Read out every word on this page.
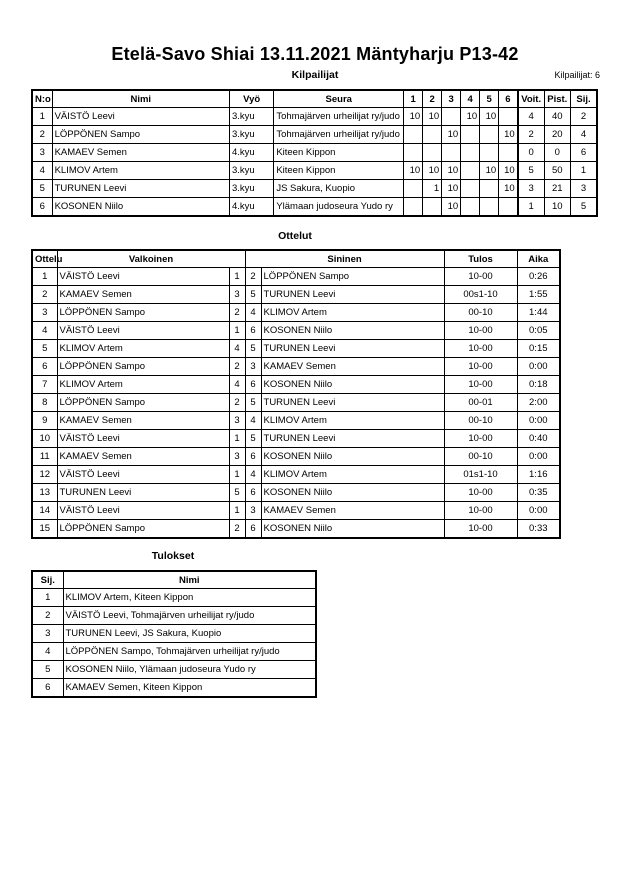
Etelä-Savo Shiai 13.11.2021 Mäntyharju P13-42
Kilpailijat	Kilpailijat: 6
N:o	Nimi	Vyö	Seura	1	2	3	4	5	6	Voit.	Pist.	Sij.
1	VÄISTÖ Leevi	3.kyu	Tohmajärven urheilijat ry/judo	10	10		10	10		4	40	2
2	LÖPPÖNEN Sampo	3.kyu	Tohmajärven urheilijat ry/judo			10			10	2	20	4
3	KAMAEV Semen	4.kyu	Kiteen Kippon							0	0	6
4	KLIMOV Artem	3.kyu	Kiteen Kippon	10	10	10		10	10	5	50	1
5	TURUNEN Leevi	3.kyu	JS Sakura, Kuopio		1	10			10	3	21	3
6	KOSONEN Niilo	4.kyu	Ylämaan judoseura Yudo ry			10				1	10	5
Ottelut
Ottelu	Valkoinen		Sininen		Tulos	Aika
1	VÄISTÖ Leevi	1	2	LÖPPÖNEN Sampo	10-00	0:26
2	KAMAEV Semen	3	5	TURUNEN Leevi	00s1-10	1:55
3	LÖPPÖNEN Sampo	2	4	KLIMOV Artem	00-10	1:44
4	VÄISTÖ Leevi	1	6	KOSONEN Niilo	10-00	0:05
5	KLIMOV Artem	4	5	TURUNEN Leevi	10-00	0:15
6	LÖPPÖNEN Sampo	2	3	KAMAEV Semen	10-00	0:00
7	KLIMOV Artem	4	6	KOSONEN Niilo	10-00	0:18
8	LÖPPÖNEN Sampo	2	5	TURUNEN Leevi	00-01	2:00
9	KAMAEV Semen	3	4	KLIMOV Artem	00-10	0:00
10	VÄISTÖ Leevi	1	5	TURUNEN Leevi	10-00	0:40
11	KAMAEV Semen	3	6	KOSONEN Niilo	00-10	0:00
12	VÄISTÖ Leevi	1	4	KLIMOV Artem	01s1-10	1:16
13	TURUNEN Leevi	5	6	KOSONEN Niilo	10-00	0:35
14	VÄISTÖ Leevi	1	3	KAMAEV Semen	10-00	0:00
15	LÖPPÖNEN Sampo	2	6	KOSONEN Niilo	10-00	0:33
Tulokset
Sij.	Nimi
1	KLIMOV Artem, Kiteen Kippon
2	VÄISTÖ Leevi, Tohmajärven urheilijat ry/judo
3	TURUNEN Leevi, JS Sakura, Kuopio
4	LÖPPÖNEN Sampo, Tohmajärven urheilijat ry/judo
5	KOSONEN Niilo, Ylämaan judoseura Yudo ry
6	KAMAEV Semen, Kiteen Kippon
